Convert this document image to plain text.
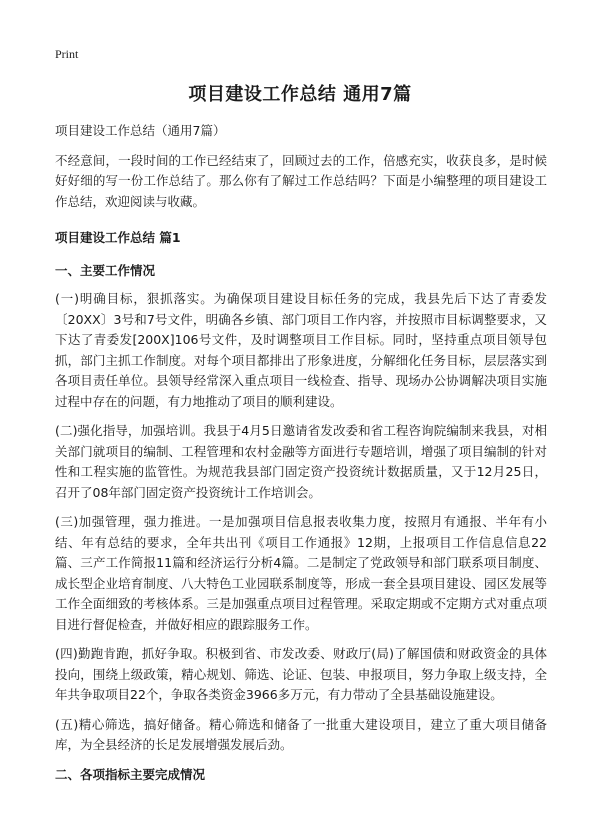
Print
项目建设工作总结 通用7篇

项目建设工作总结（通用7篇）

不经意间，一段时间的工作已经结束了，回顾过去的工作，倍感充实，收获良多，是时候好好细的写一份工作总结了。那么你有了解过工作总结吗？下面是小编整理的项目建设工作总结，欢迎阅读与收藏。

项目建设工作总结 篇1

一、主要工作情况

(一)明确目标，狠抓落实。为确保项目建设目标任务的完成，我县先后下达了青委发〔20XX〕3号和7号文件，明确各乡镇、部门项目工作内容，并按照市目标调整要求，又下达了青委发[200X]106号文件，及时调整项目工作目标。同时，坚持重点项目领导包抓，部门主抓工作制度。对每个项目都排出了形象进度，分解细化任务目标，层层落实到各项目责任单位。县领导经常深入重点项目一线检查、指导、现场办公协调解决项目实施过程中存在的问题，有力地推动了项目的顺利建设。

(二)强化指导，加强培训。我县于4月5日邀请省发改委和省工程咨询院编制来我县，对相关部门就项目的编制、工程管理和农村金融等方面进行专题培训，增强了项目编制的针对性和工程实施的监管性。为规范我县部门固定资产投资统计数据质量，又于12月25日，召开了08年部门固定资产投资统计工作培训会。

(三)加强管理，强力推进。一是加强项目信息报表收集力度，按照月有通报、半年有小结、年有总结的要求，全年共出刊《项目工作通报》12期，上报项目工作信息信息22篇、三产工作简报11篇和经济运行分析4篇。二是制定了党政领导和部门联系项目制度、成长型企业培育制度、八大特色工业园联系制度等，形成一套全县项目建设、园区发展等工作全面细致的考核体系。三是加强重点项目过程管理。采取定期或不定期方式对重点项目进行督促检查，并做好相应的跟踪服务工作。

(四)勤跑肯跑，抓好争取。积极到省、市发改委、财政厅(局)了解国债和财政资金的具体投向，围绕上级政策，精心规划、筛选、论证、包装、申报项目，努力争取上级支持，全年共争取项目22个，争取各类资金3966多万元，有力带动了全县基础设施建设。

(五)精心筛选，搞好储备。精心筛选和储备了一批重大建设项目，建立了重大项目储备库，为全县经济的长足发展增强发展后劲。

二、各项指标主要完成情况
